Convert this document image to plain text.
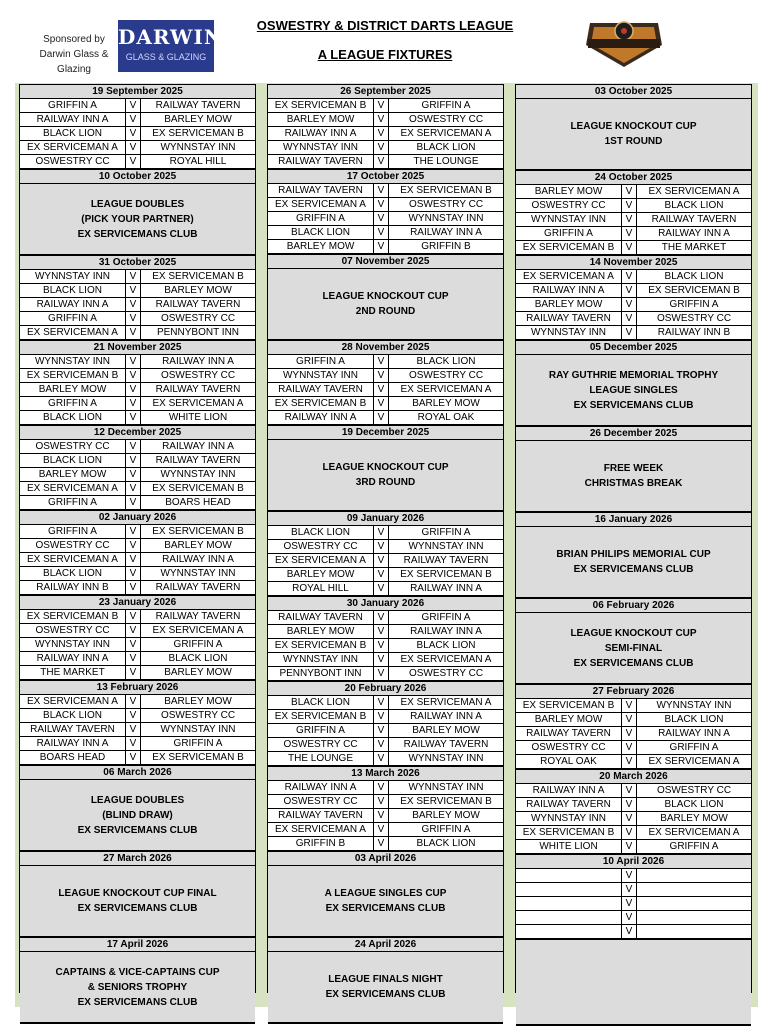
Sponsored by
Darwin Glass & Glazing
DARWIN
GLASS & GLAZING
OSWESTRY & DISTRICT DARTS LEAGUE
A LEAGUE FIXTURES
19 September 2025
GRIFFIN A	V	RAILWAY TAVERN
RAILWAY INN A	V	BARLEY MOW
BLACK LION	V	EX SERVICEMAN B
EX SERVICEMAN A	V	WYNNSTAY INN
OSWESTRY CC	V	ROYAL HILL
10 October 2025
LEAGUE DOUBLES
(PICK YOUR PARTNER)
EX SERVICEMANS CLUB
31 October 2025
WYNNSTAY INN	V	EX SERVICEMAN B
BLACK LION	V	BARLEY MOW
RAILWAY INN A	V	RAILWAY TAVERN
GRIFFIN A	V	OSWESTRY CC
EX SERVICEMAN A	V	PENNYBONT INN
21 November 2025
WYNNSTAY INN	V	RAILWAY INN A
EX SERVICEMAN B	V	OSWESTRY CC
BARLEY MOW	V	RAILWAY TAVERN
GRIFFIN A	V	EX SERVICEMAN A
BLACK LION	V	WHITE LION
12 December 2025
OSWESTRY CC	V	RAILWAY INN A
BLACK LION	V	RAILWAY TAVERN
BARLEY MOW	V	WYNNSTAY INN
EX SERVICEMAN A	V	EX SERVICEMAN B
GRIFFIN A	V	BOARS HEAD
02 January 2026
GRIFFIN A	V	EX SERVICEMAN B
OSWESTRY CC	V	BARLEY MOW
EX SERVICEMAN A	V	RAILWAY INN A
BLACK LION	V	WYNNSTAY INN
RAILWAY INN B	V	RAILWAY TAVERN
23 January 2026
EX SERVICEMAN B	V	RAILWAY TAVERN
OSWESTRY CC	V	EX SERVICEMAN A
WYNNSTAY INN	V	GRIFFIN A
RAILWAY INN A	V	BLACK LION
THE MARKET	V	BARLEY MOW
13 February 2026
EX SERVICEMAN A	V	BARLEY MOW
BLACK LION	V	OSWESTRY CC
RAILWAY TAVERN	V	WYNNSTAY INN
RAILWAY INN A	V	GRIFFIN A
BOARS HEAD	V	EX SERVICEMAN B
06 March 2026
LEAGUE DOUBLES
(BLIND DRAW)
EX SERVICEMANS CLUB
27 March 2026
LEAGUE KNOCKOUT CUP FINAL
EX SERVICEMANS CLUB
17 April 2026
CAPTAINS & VICE-CAPTAINS CUP
& SENIORS TROPHY
EX SERVICEMANS CLUB
26 September 2025
EX SERVICEMAN B	V	GRIFFIN A
BARLEY MOW	V	OSWESTRY CC
RAILWAY INN A	V	EX SERVICEMAN A
WYNNSTAY INN	V	BLACK LION
RAILWAY TAVERN	V	THE LOUNGE
17 October 2025
RAILWAY TAVERN	V	EX SERVICEMAN B
EX SERVICEMAN A	V	OSWESTRY CC
GRIFFIN A	V	WYNNSTAY INN
BLACK LION	V	RAILWAY INN A
BARLEY MOW	V	GRIFFIN B
07 November 2025
LEAGUE KNOCKOUT CUP
2ND ROUND
28 November 2025
GRIFFIN A	V	BLACK LION
WYNNSTAY INN	V	OSWESTRY CC
RAILWAY TAVERN	V	EX SERVICEMAN A
EX SERVICEMAN B	V	BARLEY MOW
RAILWAY INN A	V	ROYAL OAK
19 December 2025
LEAGUE KNOCKOUT CUP
3RD ROUND
09 January 2026
BLACK LION	V	GRIFFIN A
OSWESTRY CC	V	WYNNSTAY INN
EX SERVICEMAN A	V	RAILWAY TAVERN
BARLEY MOW	V	EX SERVICEMAN B
ROYAL HILL	V	RAILWAY INN A
30 January 2026
RAILWAY TAVERN	V	GRIFFIN A
BARLEY MOW	V	RAILWAY INN A
EX SERVICEMAN B	V	BLACK LION
WYNNSTAY INN	V	EX SERVICEMAN A
PENNYBONT INN	V	OSWESTRY CC
20 February 2026
BLACK LION	V	EX SERVICEMAN A
EX SERVICEMAN B	V	RAILWAY INN A
GRIFFIN A	V	BARLEY MOW
OSWESTRY CC	V	RAILWAY TAVERN
THE LOUNGE	V	WYNNSTAY INN
13 March 2026
RAILWAY INN A	V	WYNNSTAY INN
OSWESTRY CC	V	EX SERVICEMAN B
RAILWAY TAVERN	V	BARLEY MOW
EX SERVICEMAN A	V	GRIFFIN A
GRIFFIN B	V	BLACK LION
03 April 2026
A LEAGUE SINGLES CUP
EX SERVICEMANS CLUB
24 April 2026
LEAGUE FINALS NIGHT
EX SERVICEMANS CLUB
03 October 2025
LEAGUE KNOCKOUT CUP
1ST ROUND
24 October 2025
BARLEY MOW	V	EX SERVICEMAN A
OSWESTRY CC	V	BLACK LION
WYNNSTAY INN	V	RAILWAY TAVERN
GRIFFIN A	V	RAILWAY INN A
EX SERVICEMAN B	V	THE MARKET
14 November 2025
EX SERVICEMAN A	V	BLACK LION
RAILWAY INN A	V	EX SERVICEMAN B
BARLEY MOW	V	GRIFFIN A
RAILWAY TAVERN	V	OSWESTRY CC
WYNNSTAY INN	V	RAILWAY INN B
05 December 2025
RAY GUTHRIE MEMORIAL TROPHY
LEAGUE SINGLES
EX SERVICEMANS CLUB
26 December 2025
FREE WEEK
CHRISTMAS BREAK
16 January 2026
BRIAN PHILIPS MEMORIAL CUP
EX SERVICEMANS CLUB
06 February 2026
LEAGUE KNOCKOUT CUP
SEMI-FINAL
EX SERVICEMANS CLUB
27 February 2026
EX SERVICEMAN B	V	WYNNSTAY INN
BARLEY MOW	V	BLACK LION
RAILWAY TAVERN	V	RAILWAY INN A
OSWESTRY CC	V	GRIFFIN A
ROYAL OAK	V	EX SERVICEMAN A
20 March 2026
RAILWAY INN A	V	OSWESTRY CC
RAILWAY TAVERN	V	BLACK LION
WYNNSTAY INN	V	BARLEY MOW
EX SERVICEMAN B	V	EX SERVICEMAN A
WHITE LION	V	GRIFFIN A
10 April 2026
V
V
V
V
V
